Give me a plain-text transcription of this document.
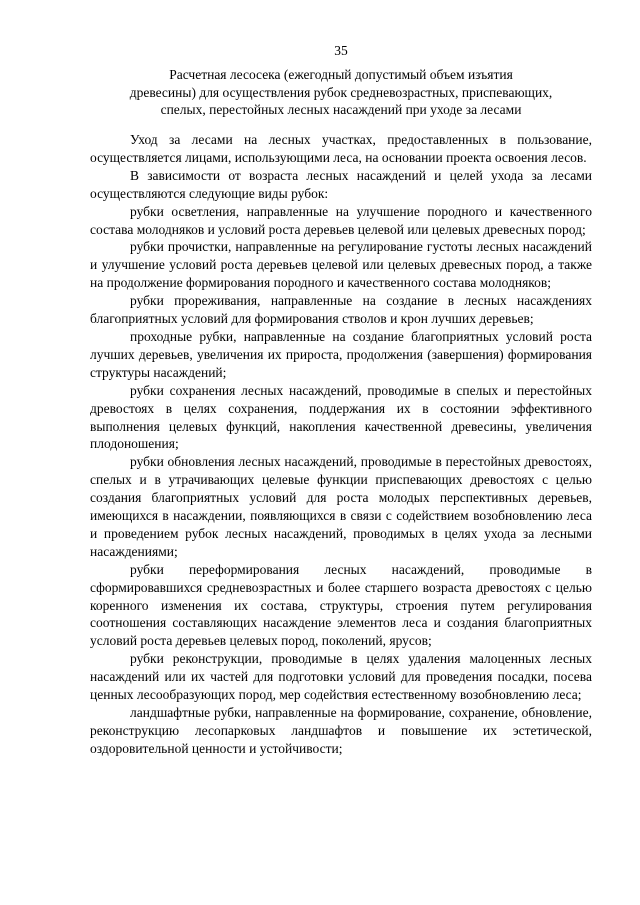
35
Расчетная лесосека (ежегодный допустимый объем изъятия
древесины) для осуществления рубок средневозрастных, приспевающих,
спелых, перестойных лесных насаждений при уходе за лесами

Уход за лесами на лесных участках, предоставленных в пользование, осуществляется лицами, использующими леса, на основании проекта освоения лесов.

В зависимости от возраста лесных насаждений и целей ухода за лесами осуществляются следующие виды рубок:

рубки осветления, направленные на улучшение породного и качественного состава молодняков и условий роста деревьев целевой или целевых древесных пород;

рубки прочистки, направленные на регулирование густоты лесных насаждений и улучшение условий роста деревьев целевой или целевых древесных пород, а также на продолжение формирования породного и качественного состава молодняков;

рубки прореживания, направленные на создание в лесных насаждениях благоприятных условий для формирования стволов и крон лучших деревьев;

проходные рубки, направленные на создание благоприятных условий роста лучших деревьев, увеличения их прироста, продолжения (завершения) формирования структуры насаждений;

рубки сохранения лесных насаждений, проводимые в спелых и перестойных древостоях в целях сохранения, поддержания их в состоянии эффективного выполнения целевых функций, накопления качественной древесины, увеличения плодоношения;

рубки обновления лесных насаждений, проводимые в перестойных древостоях, спелых и в утрачивающих целевые функции приспевающих древостоях с целью создания благоприятных условий для роста молодых перспективных деревьев, имеющихся в насаждении, появляющихся в связи с содействием возобновлению леса и проведением рубок лесных насаждений, проводимых в целях ухода за лесными насаждениями;

рубки переформирования лесных насаждений, проводимые в сформировавшихся средневозрастных и более старшего возраста древостоях с целью коренного изменения их состава, структуры, строения путем регулирования соотношения составляющих насаждение элементов леса и создания благоприятных условий роста деревьев целевых пород, поколений, ярусов;

рубки реконструкции, проводимые в целях удаления малоценных лесных насаждений или их частей для подготовки условий для проведения посадки, посева ценных лесообразующих пород, мер содействия естественному возобновлению леса;

ландшафтные рубки, направленные на формирование, сохранение, обновление, реконструкцию лесопарковых ландшафтов и повышение их эстетической, оздоровительной ценности и устойчивости;
